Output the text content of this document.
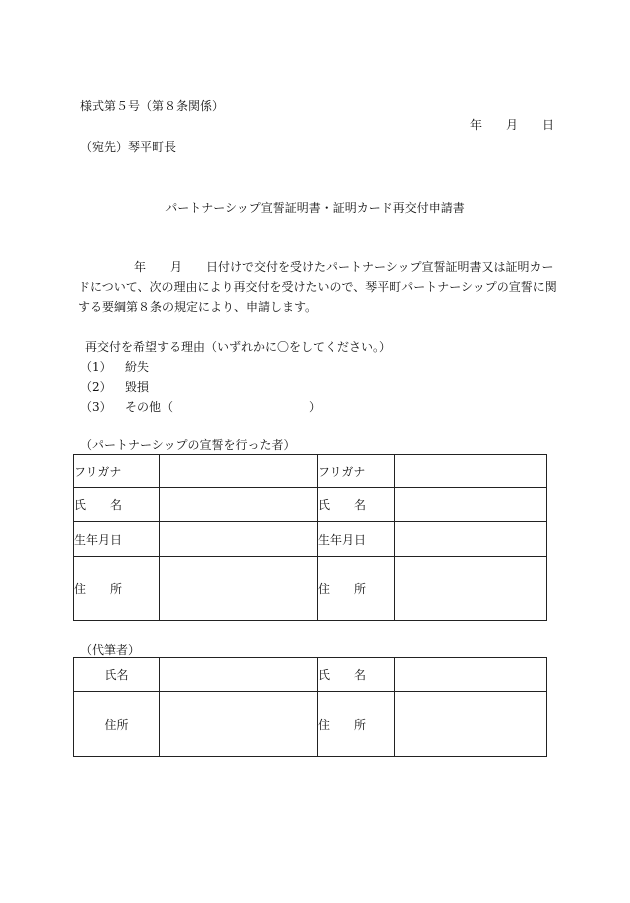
様式第５号（第８条関係）
年　　月　　日
（宛先）琴平町長
パートナーシップ宣誓証明書・証明カード再交付申請書
年　　月　　日付けで交付を受けたパートナーシップ宣誓証明書又は証明カードについて、次の理由により再交付を受けたいので、琴平町パートナーシップの宣誓に関する要綱第８条の規定により、申請します。
再交付を希望する理由（いずれかに〇をしてください。）
（1） 紛失
（2） 毀損
（3） その他（	）
（パートナーシップの宣誓を行った者）
フリガナ		フリガナ	
氏 名		氏 名	
生年月日		生年月日	
住 所		住 所	
（代筆者）
氏名		氏 名	
住所		住 所	
